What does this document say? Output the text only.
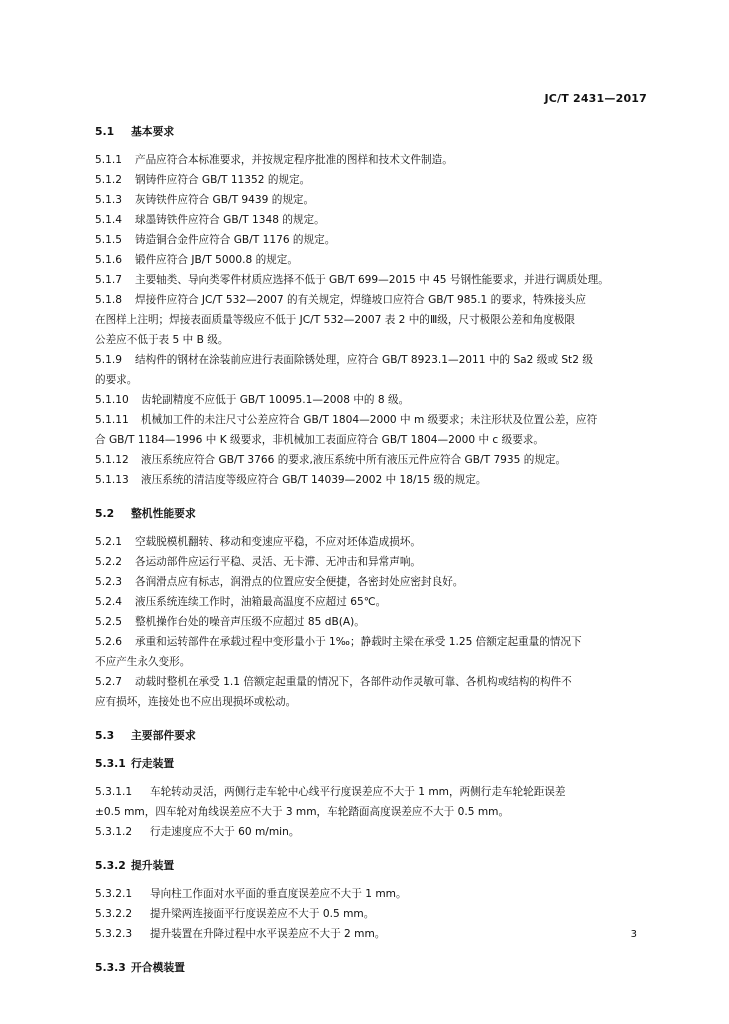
JC/T 2431—2017
5.1 基本要求
5.1.1 产品应符合本标准要求，并按规定程序批准的图样和技术文件制造。
5.1.2 钢铸件应符合 GB/T 11352 的规定。
5.1.3 灰铸铁件应符合 GB/T 9439 的规定。
5.1.4 球墨铸铁件应符合 GB/T 1348 的规定。
5.1.5 铸造铜合金件应符合 GB/T 1176 的规定。
5.1.6 锻件应符合 JB/T 5000.8 的规定。
5.1.7 主要轴类、导向类零件材质应选择不低于 GB/T 699—2015 中 45 号钢性能要求，并进行调质处理。
5.1.8 焊接件应符合 JC/T 532—2007 的有关规定，焊缝坡口应符合 GB/T 985.1 的要求，特殊接头应
在图样上注明；焊接表面质量等级应不低于 JC/T 532—2007 表 2 中的Ⅲ级，尺寸极限公差和角度极限
公差应不低于表 5 中 B 级。
5.1.9 结构件的钢材在涂装前应进行表面除锈处理，应符合 GB/T 8923.1—2011 中的 Sa2 级或 St2 级
的要求。
5.1.10 齿轮副精度不应低于 GB/T 10095.1—2008 中的 8 级。
5.1.11 机械加工件的未注尺寸公差应符合 GB/T 1804—2000 中 m 级要求；未注形状及位置公差，应符
合 GB/T 1184—1996 中 K 级要求，非机械加工表面应符合 GB/T 1804—2000 中 c 级要求。
5.1.12 液压系统应符合 GB/T 3766 的要求,液压系统中所有液压元件应符合 GB/T 7935 的规定。
5.1.13 液压系统的清洁度等级应符合 GB/T 14039—2002 中 18/15 级的规定。
5.2 整机性能要求
5.2.1 空载脱模机翻转、移动和变速应平稳，不应对坯体造成损坏。
5.2.2 各运动部件应运行平稳、灵活、无卡滞、无冲击和异常声响。
5.2.3 各润滑点应有标志，润滑点的位置应安全便捷，各密封处应密封良好。
5.2.4 液压系统连续工作时，油箱最高温度不应超过 65℃。
5.2.5 整机操作台处的噪音声压级不应超过 85 dB(A)。
5.2.6 承重和运转部件在承载过程中变形量小于 1‰；静载时主梁在承受 1.25 倍额定起重量的情况下
不应产生永久变形。
5.2.7 动载时整机在承受 1.1 倍额定起重量的情况下，各部件动作灵敏可靠、各机构或结构的构件不
应有损坏，连接处也不应出现损坏或松动。
5.3 主要部件要求
5.3.1 行走装置
5.3.1.1 车轮转动灵活，两侧行走车轮中心线平行度误差应不大于 1 mm，两侧行走车轮轮距误差
±0.5 mm，四车轮对角线误差应不大于 3 mm，车轮踏面高度误差应不大于 0.5 mm。
5.3.1.2 行走速度应不大于 60 m/min。
5.3.2 提升装置
5.3.2.1 导向柱工作面对水平面的垂直度误差应不大于 1 mm。
5.3.2.2 提升梁两连接面平行度误差应不大于 0.5 mm。
5.3.2.3 提升装置在升降过程中水平误差应不大于 2 mm。
5.3.3 开合模装置
3
